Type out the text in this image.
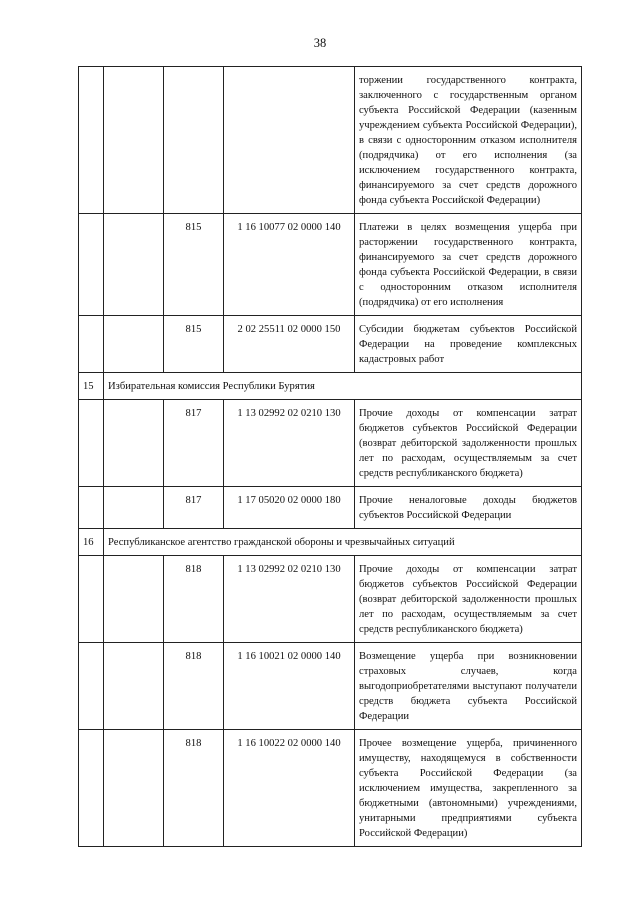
38
				торжении государственного контракта, заключенного с государственным органом субъекта Российской Федерации (казенным учреждением субъекта Российской Федерации), в связи с односторонним отказом исполнителя (подрядчика) от его исполнения (за исключением государственного контракта, финансируемого за счет средств дорожного фонда субъекта Российской Федерации)
		815	1 16 10077 02 0000 140	Платежи в целях возмещения ущерба при расторжении государственного контракта, финансируемого за счет средств дорожного фонда субъекта Российской Федерации, в связи с односторонним отказом исполнителя (подрядчика) от его исполнения
		815	2 02 25511 02 0000 150	Субсидии бюджетам субъектов Российской Федерации на проведение комплексных кадастровых работ
15	Избирательная комиссия Республики Бурятия			
		817	1 13 02992 02 0210 130	Прочие доходы от компенсации затрат бюджетов субъектов Российской Федерации (возврат дебиторской задолженности прошлых лет по расходам, осуществляемым за счет средств республиканского бюджета)
		817	1 17 05020 02 0000 180	Прочие неналоговые доходы бюджетов субъектов Российской Федерации
16	Республиканское агентство гражданской обороны и чрезвычайных ситуаций			
		818	1 13 02992 02 0210 130	Прочие доходы от компенсации затрат бюджетов субъектов Российской Федерации (возврат дебиторской задолженности прошлых лет по расходам, осуществляемым за счет средств республиканского бюджета)
		818	1 16 10021 02 0000 140	Возмещение ущерба при возникновении страховых случаев, когда выгодоприобретателями выступают получатели средств бюджета субъекта Российской Федерации
		818	1 16 10022 02 0000 140	Прочее возмещение ущерба, причиненного имуществу, находящемуся в собственности субъекта Российской Федерации (за исключением имущества, закрепленного за бюджетными (автономными) учреждениями, унитарными предприятиями субъекта Российской Федерации)
